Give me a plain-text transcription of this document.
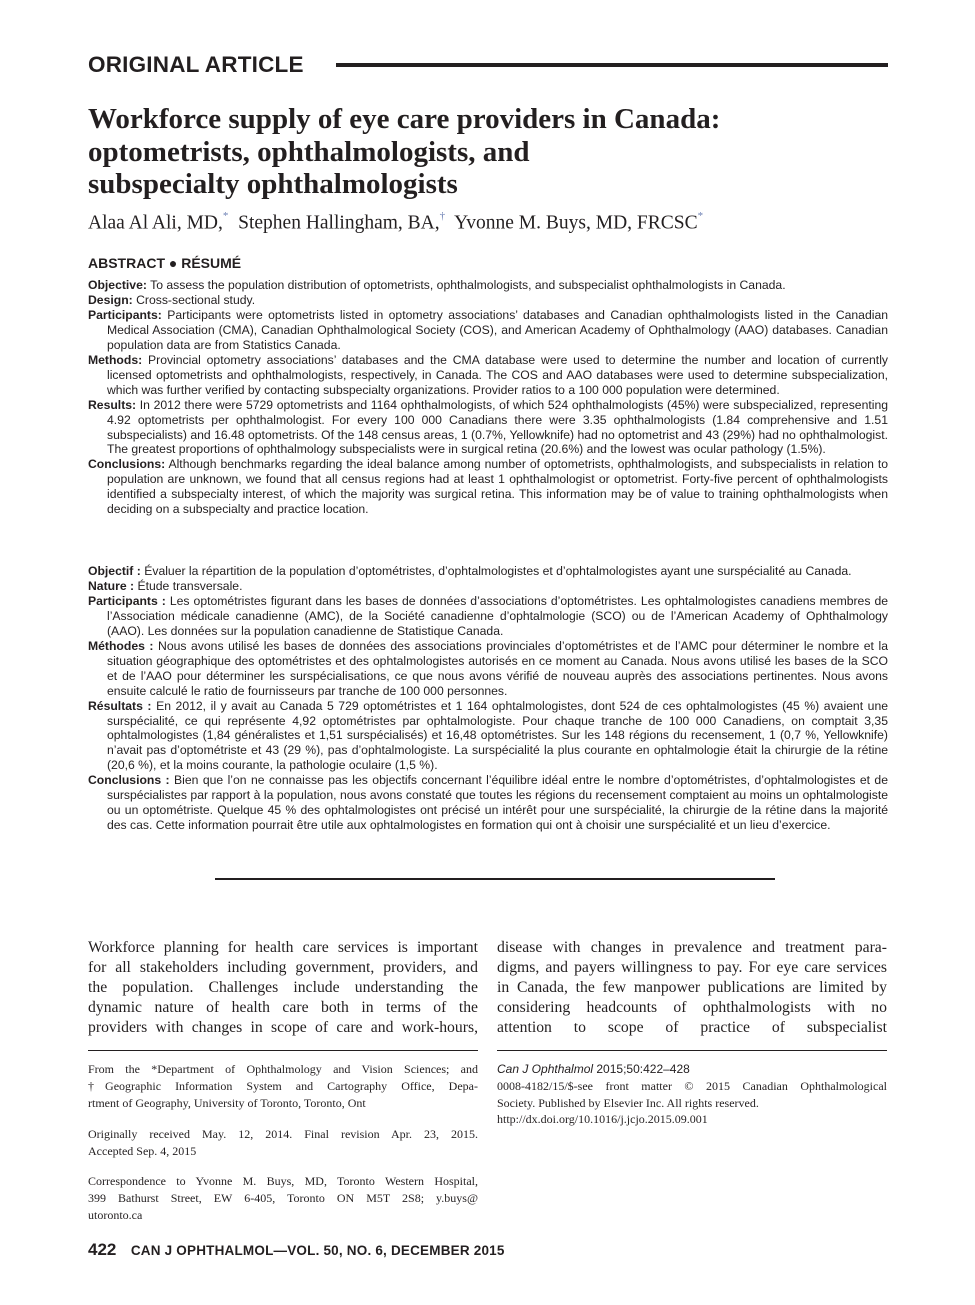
ORIGINAL ARTICLE
Workforce supply of eye care providers in Canada:
optometrists, ophthalmologists, and
subspecialty ophthalmologists
Alaa Al Ali, MD,* Stephen Hallingham, BA,† Yvonne M. Buys, MD, FRCSC*
ABSTRACT ● RÉSUMÉ

Objective: To assess the population distribution of optometrists, ophthalmologists, and subspecialist ophthalmologists in Canada.

Design: Cross-sectional study.

Participants: Participants were optometrists listed in optometry associations’ databases and Canadian ophthalmologists listed in the Canadian Medical Association (CMA), Canadian Ophthalmological Society (COS), and American Academy of Ophthalmology (AAO) databases. Canadian population data are from Statistics Canada.

Methods: Provincial optometry associations’ databases and the CMA database were used to determine the number and location of currently licensed optometrists and ophthalmologists, respectively, in Canada. The COS and AAO databases were used to determine subspecialization, which was further verified by contacting subspecialty organizations. Provider ratios to a 100 000 population were determined.

Results: In 2012 there were 5729 optometrists and 1164 ophthalmologists, of which 524 ophthalmologists (45%) were subspecialized, representing 4.92 optometrists per ophthalmologist. For every 100 000 Canadians there were 3.35 ophthalmologists (1.84 comprehensive and 1.51 subspecialists) and 16.48 optometrists. Of the 148 census areas, 1 (0.7%, Yellowknife) had no optometrist and 43 (29%) had no ophthalmologist. The greatest proportions of ophthalmology subspecialists were in surgical retina (20.6%) and the lowest was ocular pathology (1.5%).

Conclusions: Although benchmarks regarding the ideal balance among number of optometrists, ophthalmologists, and subspecialists in relation to population are unknown, we found that all census regions had at least 1 ophthalmologist or optometrist. Forty-five percent of ophthalmologists identified a subspecialty interest, of which the majority was surgical retina. This information may be of value to training ophthalmologists when deciding on a subspecialty and practice location.

Objectif : Évaluer la répartition de la population d’optométristes, d’ophtalmologistes et d’ophtalmologistes ayant une surspécialité au Canada.

Nature : Étude transversale.

Participants : Les optométristes figurant dans les bases de données d’associations d’optométristes. Les ophtalmologistes canadiens membres de l’Association médicale canadienne (AMC), de la Société canadienne d’ophtalmologie (SCO) ou de l’American Academy of Ophthalmology (AAO). Les données sur la population canadienne de Statistique Canada.

Méthodes : Nous avons utilisé les bases de données des associations provinciales d’optométristes et de l’AMC pour déterminer le nombre et la situation géographique des optométristes et des ophtalmologistes autorisés en ce moment au Canada. Nous avons utilisé les bases de la SCO et de l’AAO pour déterminer les surspécialisations, ce que nous avons vérifié de nouveau auprès des associations pertinentes. Nous avons ensuite calculé le ratio de fournisseurs par tranche de 100 000 personnes.

Résultats : En 2012, il y avait au Canada 5 729 optométristes et 1 164 ophtalmologistes, dont 524 de ces ophtalmologistes (45 %) avaient une surspécialité, ce qui représente 4,92 optométristes par ophtalmologiste. Pour chaque tranche de 100 000 Canadiens, on comptait 3,35 ophtalmologistes (1,84 généralistes et 1,51 surspécialisés) et 16,48 optométristes. Sur les 148 régions du recensement, 1 (0,7 %, Yellowknife) n’avait pas d’optométriste et 43 (29 %), pas d’ophtalmologiste. La surspécialité la plus courante en ophtalmologie était la chirurgie de la rétine (20,6 %), et la moins courante, la pathologie oculaire (1,5 %).

Conclusions : Bien que l’on ne connaisse pas les objectifs concernant l’équilibre idéal entre le nombre d’optométristes, d’ophtalmologistes et de surspécialistes par rapport à la population, nous avons constaté que toutes les régions du recensement comptaient au moins un ophtalmologiste ou un optométriste. Quelque 45 % des ophtalmologistes ont précisé un intérêt pour une surspécialité, la chirurgie de la rétine dans la majorité des cas. Cette information pourrait être utile aux ophtalmologistes en formation qui ont à choisir une surspécialité et un lieu d’exercice.

Workforce planning for health care services is important
for all stakeholders including government, providers, and
the population. Challenges include understanding the
dynamic nature of health care both in terms of the
providers with changes in scope of care and work-hours,
disease with changes in prevalence and treatment para-
digms, and payers willingness to pay. For eye care services
in Canada, the few manpower publications are limited by
considering headcounts of ophthalmologists with no
attention to scope of practice of subspecialist
From the *Department of Ophthalmology and Vision Sciences; and
†Geographic Information System and Cartography Office, Depa-
rtment of Geography, University of Toronto, Toronto, Ont
Originally received May. 12, 2014. Final revision Apr. 23, 2015.
Accepted Sep. 4, 2015
Correspondence to Yvonne M. Buys, MD, Toronto Western Hospital,
399 Bathurst Street, EW 6-405, Toronto ON M5T 2S8; y.buys@
utoronto.ca
Can J Ophthalmol 2015;50:422–428
0008-4182/15/$-see front matter © 2015 Canadian Ophthalmological
Society. Published by Elsevier Inc. All rights reserved.
http://dx.doi.org/10.1016/j.jcjo.2015.09.001
422 CAN J OPHTHALMOL—VOL. 50, NO. 6, DECEMBER 2015
